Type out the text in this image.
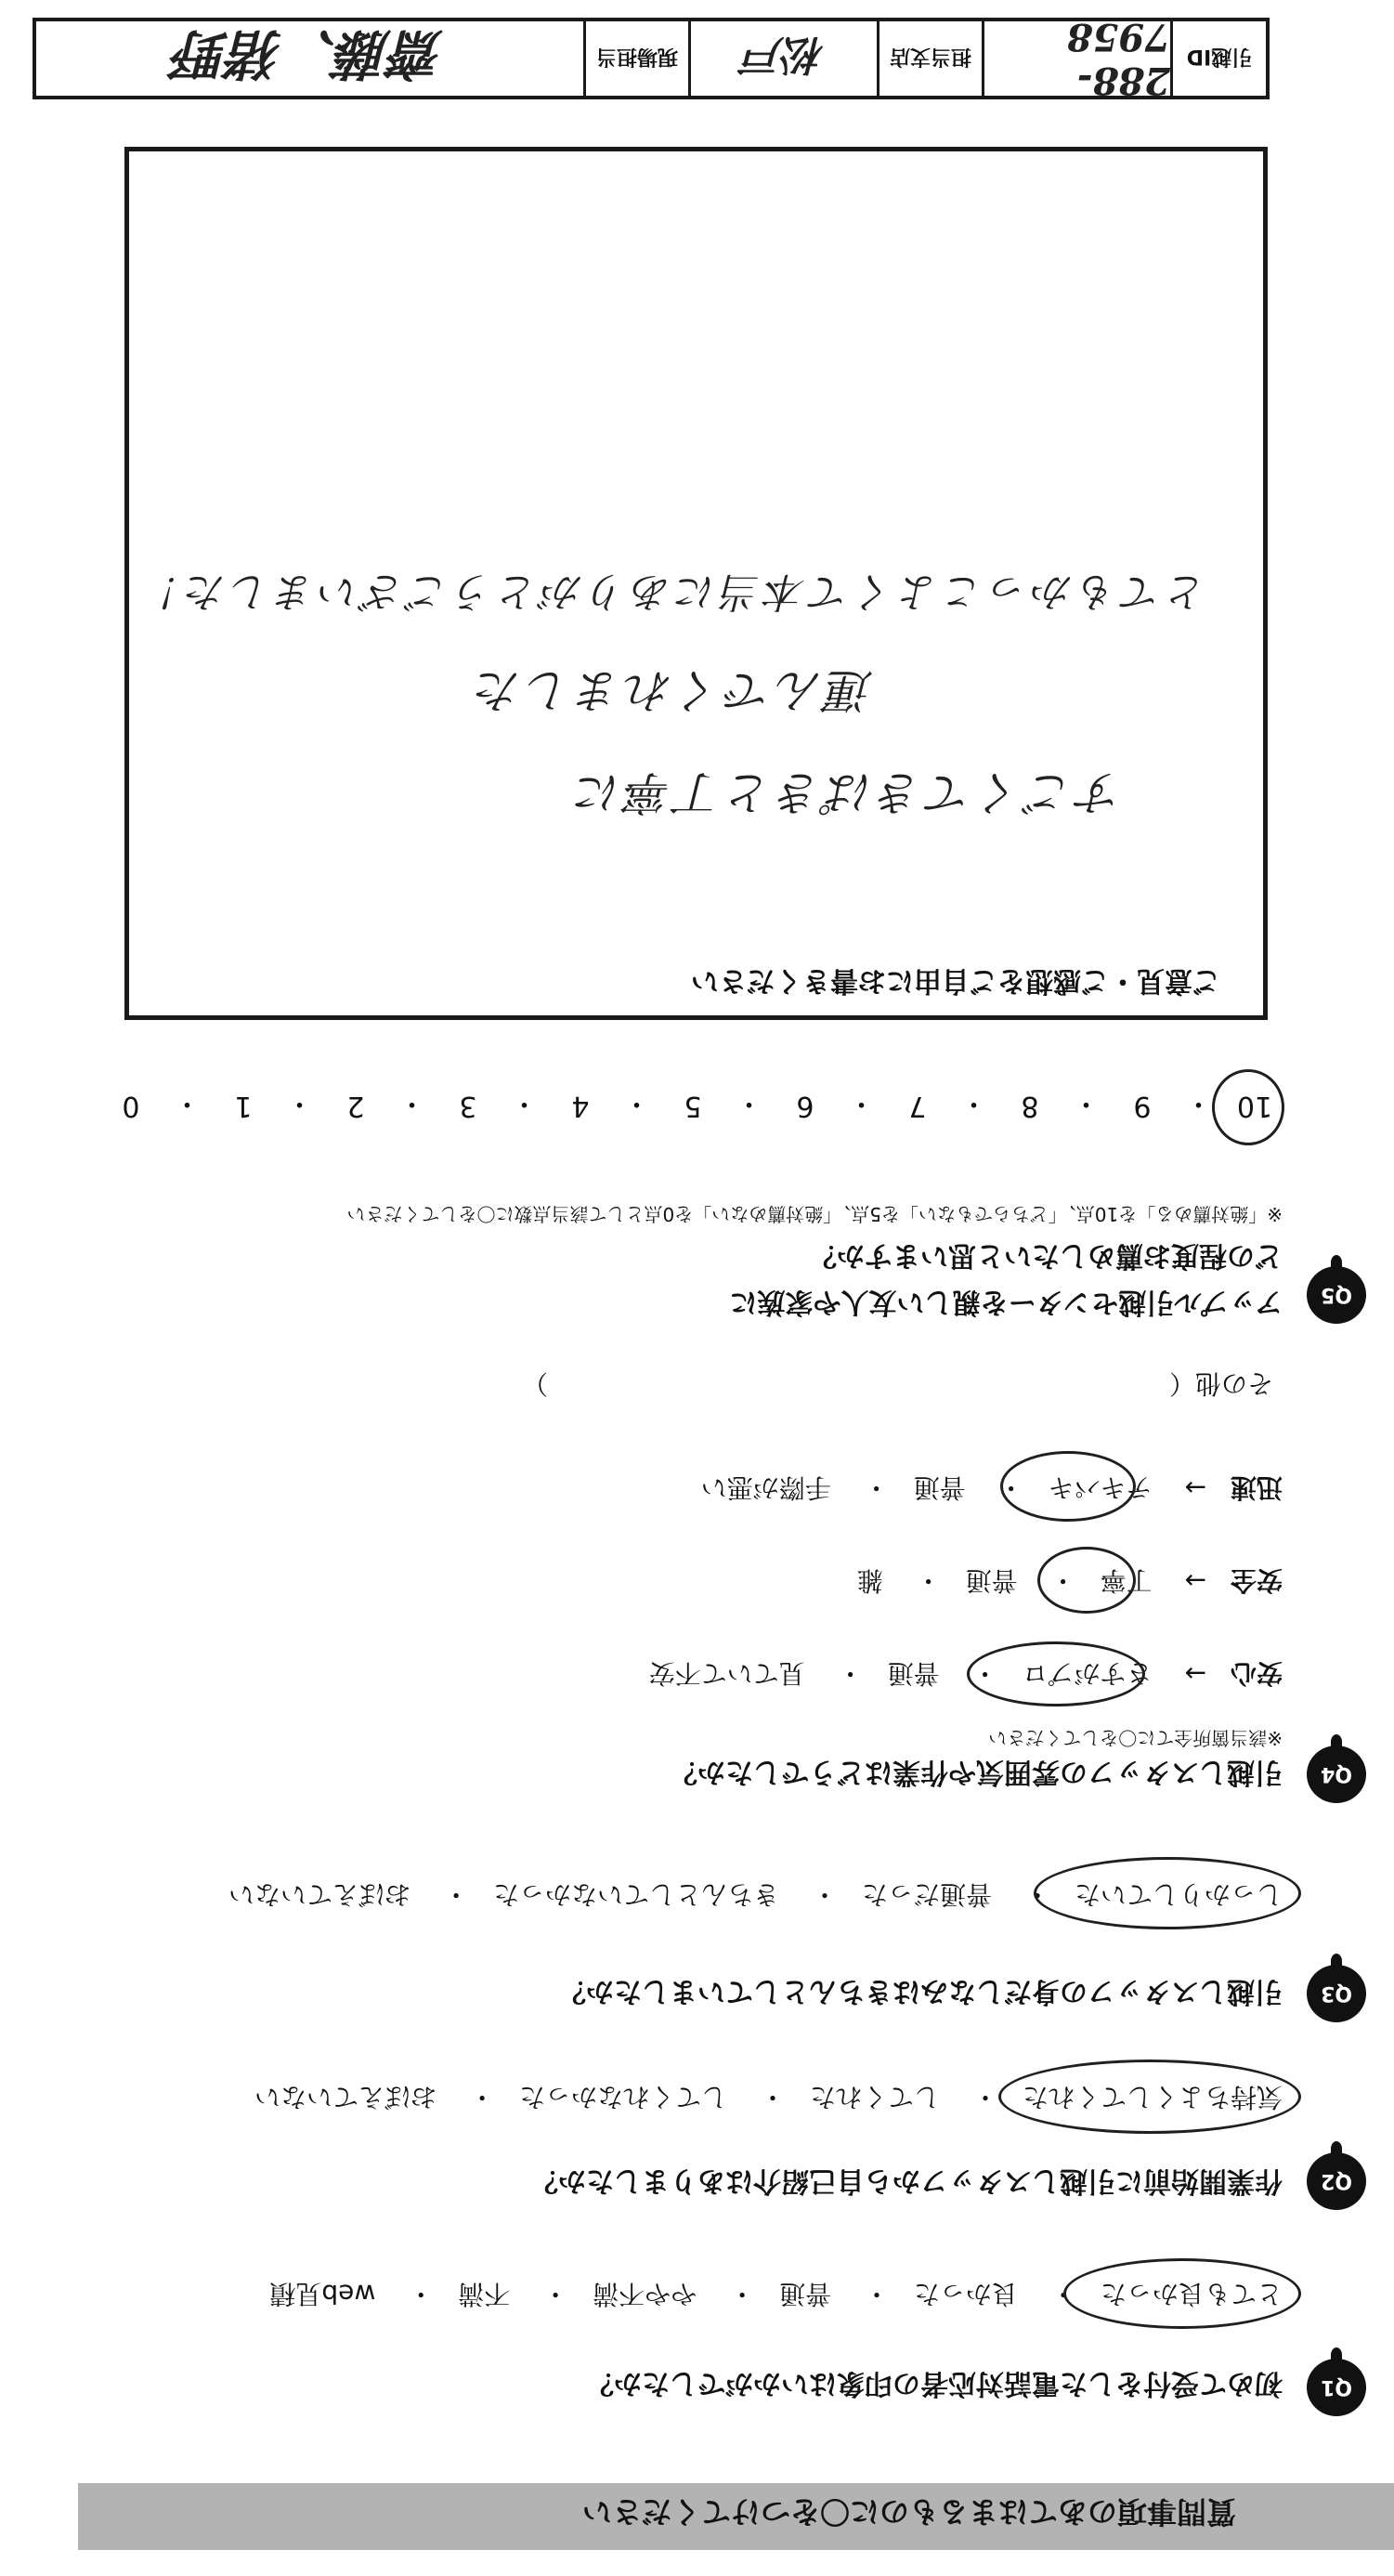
引越ID
288-7958
担当支店
松戸
現場担当
齋藤、猪野
ご意見・ご感想をご自由にお書きください
すごくてきぱきと丁寧に
運んでくれました
とてもかっこよくて本当にありがとうございました！
10
・
9
・
8
・
7
・
6
・
5
・
4
・
3
・
2
・
1
・
0
Q5
アップル引越センターを親しい友人や家族に
どの程度お薦めしたいと思いますか？
※「絶対薦める」を10点、「どちらでもない」を5点、「絶対薦めない」を0点として該当点数に〇をしてください
その他（ ）
迅速→ テキパキ・ 普通・ 手際が悪い
安全→ 丁寧・ 普通・ 雑
安心→ さすがプロ・ 普通・ 見ていて不安
※該当箇所全てに〇をしてください
Q4
引越しスタッフの雰囲気や作業はどうでしたか？
しっかりしていた・ 普通だった・ きちんとしていなかった・ おぼえていない
Q3
引越しスタッフの身だしなみはきちんとしていましたか？
気持ちよくしてくれた・ してくれた・ してくれなかった・ おぼえていない
Q2
作業開始前に引越しスタッフから自己紹介はありましたか？
とても良かった・ 良かった・ 普通・ やや不満・ 不満・ web見積
Q1
初めて受付をした電話対応者の印象はいかがでしたか？
質問事項のあてはまるものに〇をつけてください
